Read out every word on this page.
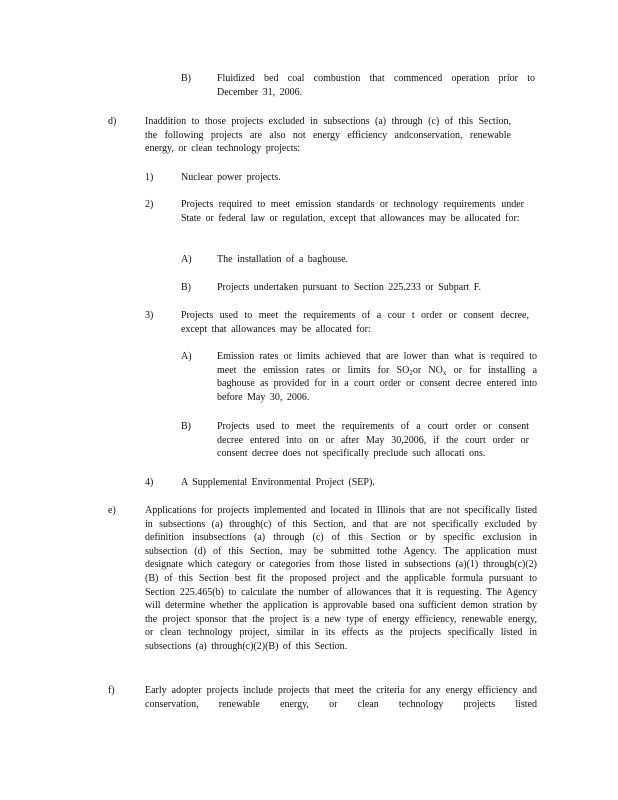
B)	Fluidized bed coal combustion that commenced operation prior to December 31, 2006.
d)	Inaddition to those projects excluded in subsections (a) through (c) of this Section, the following projects are also not energy efficiency andconservation, renewable energy, or clean technology projects:
1)	Nuclear power projects.
2)	Projects required to meet emission standards or technology requirements under State or federal law or regulation, except that allowances may be allocated for:
A)	The installation of a baghouse.
B)	Projects undertaken pursuant to Section 225.233 or Subpart F.
3)	Projects used to meet the requirements of a cour t order or consent decree, except that allowances may be allocated for:
A)	Emission rates or limits achieved that are lower than what is required to meet the emission rates or limits for $SO_2or$ $NO_x$ or for installing a baghouse as provided for in a court order or consent decree entered into before May 30, 2006.
B)	Projects used to meet the requirements of a court order or consent decree entered into on or after May 30,2006, if the court order or consent decree does not specifically preclude such allocati ons.
4)	A Supplemental Environmental Project (SEP).
e)	Applications for projects implemented and located in Illinois that are not specifically listed in subsections (a) through(c) of this Section, and that are not specifically excluded by definition insubsections (a) through (c) of this Section or by specific exclusion in subsection (d) of this Section, may be submitted tothe Agency. The application must designate which category or categories from those listed in subsections (a)(1) through(c)(2)(B) of this Section best fit the proposed project and the applicable formula pursuant to Section 225.465(b) to calculate the number of allowances that it is requesting. The Agency will determine whether the application is approvable based ona sufficient demon stration by the project sponsor that the project is a new type of energy efficiency, renewable energy, or clean technology project, similar in its effects as the projects specifically listed in subsections (a) through(c)(2)(B) of this Section.
f)	Early adopter projects include projects that meet the criteria for any energy efficiency and conservation, renewable energy, or clean technology projects listed
